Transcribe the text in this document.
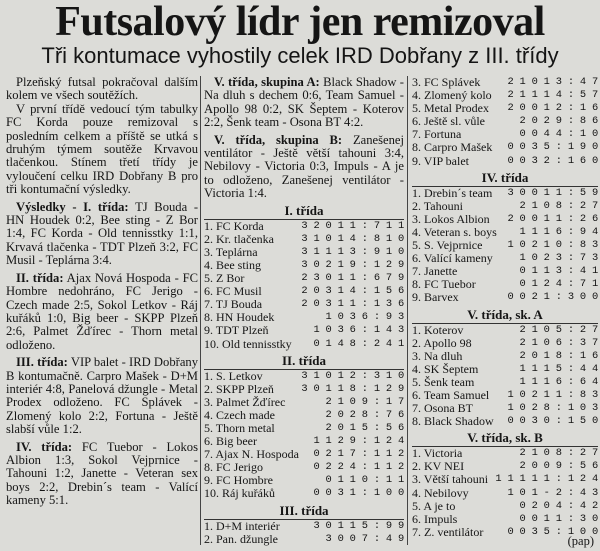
Futsalový lídr jen remizoval
Tři kontumace vyhostily celek IRD Dobřany z III. třídy

Plzeňský futsal pokračoval dalším kolem ve všech soutěžích.

V první třídě vedoucí tým tabulky FC Korda pouze remizoval s posledním celkem a příště se utká s druhým týmem soutěže Krvavou tlačenkou. Stínem třetí třídy je vyloučení celku IRD Dobřany B pro tři kontumační výsledky.

Výsledky - I. třída: TJ Bouda - HN Houdek 0:2, Bee sting - Z Bor 1:4, FC Korda - Old tennisstky 1:1, Krvavá tlačenka - TDT Plzeň 3:2, FC Musil - Teplárna 3:4.

II. třída: Ajax Nová Hospoda - FC Hombre nedohráno, FC Jerigo - Czech made 2:5, Sokol Letkov - Ráj kuřáků 1:0, Big beer - SKPP Plzeň 2:6, Palmet Žďírec - Thorn metal odloženo.

III. třída: VIP balet - IRD Dobřany B kontumačně. Carpro Mašek - D+M interiér 4:8, Panelová džungle - Metal Prodex odloženo. FC Splávek - Zlomený kolo 2:2, Fortuna - Ještě slabší vůle 1:2.

IV. třída: FC Tuebor - Lokos Albion 1:3, Sokol Vejprnice - Tahouni 1:2, Janette - Veteran sex boys 2:2, Drebin´s team - Valící kameny 5:1.

V. třída, skupina A: Black Shadow - Na dluh s dechem 0:6, Team Samuel - Apollo 98 0:2, SK Šeptem - Koterov 2:2, Šenk team - Osona BT 4:2.

V. třída, skupina B: Zanešenej ventilátor - Ještě větší tahouni 3:4, Nebilovy - Victoria 0:3, Impuls - A je to odloženo, Zanešenej ventilátor - Victoria 1:4.

I. třída
1. FC Korda	3 2 0 1 1 : 7 1 1
2. Kr. tlačenka	3 1 0 1 4 : 8 1 0
3. Teplárna	3 1 1 1 3 : 9 1 0
4. Bee sting	3 0 2 1 9 : 1 2 9
5. Z Bor	2 3 0 1 1 : 6 7 9
6. FC Musil	2 0 3 1 4 : 1 5 6
7. TJ Bouda	2 0 3 1 1 : 1 3 6
8. HN Houdek	1 0 3 6 : 9 3
9. TDT Plzeň	1 0 3 6 : 1 4 3
10. Old tennisstky	0 1 4 8 : 2 4 1
II. třída
1. S. Letkov	3 1 0 1 2 : 3 1 0
2. SKPP Plzeň	3 0 1 1 8 : 1 2 9
3. Palmet Žďírec	2 1 0 9 : 1 7
4. Czech made	2 0 2 8 : 7 6
5. Thorn metal	2 0 1 5 : 5 6
6. Big beer	1 1 2 9 : 1 2 4
7. Ajax N. Hospoda	0 2 1 7 : 1 1 2
8. FC Jerigo	0 2 2 4 : 1 1 2
9. FC Hombre	0 1 1 0 : 1 1
10. Ráj kuřáků	0 0 3 1 : 1 0 0
III. třída
1. D+M interiér	3 0 1 1 5 : 9 9
2. Pan. džungle	3 0 0 7 : 4 9
3. FC Splávek	2 1 0 1 3 : 4 7
4. Zlomený kolo	2 1 1 1 4 : 5 7
5. Metal Prodex	2 0 0 1 2 : 1 6
6. Ještě sl. vůle	2 0 2 9 : 8 6
7. Fortuna	0 0 4 4 : 1 0
8. Carpro Mašek	0 0 3 5 : 1 9 0
9. VIP balet	0 0 3 2 : 1 6 0
IV. třída
1. Drebin´s team	3 0 0 1 1 : 5 9
2. Tahouni	2 1 0 8 : 2 7
3. Lokos Albion	2 0 0 1 1 : 2 6
4. Veteran s. boys	1 1 1 6 : 9 4
5. S. Vejprnice	1 0 2 1 0 : 8 3
6. Valící kameny	1 0 2 3 : 7 3
7. Janette	0 1 1 3 : 4 1
8. FC Tuebor	0 1 2 4 : 7 1
9. Barvex	0 0 2 1 : 3 0 0
V. třída, sk. A
1. Koterov	2 1 0 5 : 2 7
2. Apollo 98	2 1 0 6 : 3 7
3. Na dluh	2 0 1 8 : 1 6
4. SK Šeptem	1 1 1 5 : 4 4
5. Šenk team	1 1 1 6 : 6 4
6. Team Samuel	1 0 2 1 1 : 8 3
7. Osona BT	1 0 2 8 : 1 0 3
8. Black Shadow	0 0 3 0 : 1 5 0
V. třída, sk. B
1. Victoria	2 1 0 8 : 2 7
2. KV NEI	2 0 0 9 : 5 6
3. Větší tahouni	1 1 1 1 1 : 1 2 4
4. Nebilovy	1 0 1 - 2 : 4 3
5. A je to	0 2 0 4 : 4 2
6. Impuls	0 0 1 1 : 3 0
7. Z. ventilátor	0 0 3 5 : 1 0 0
(pap)
